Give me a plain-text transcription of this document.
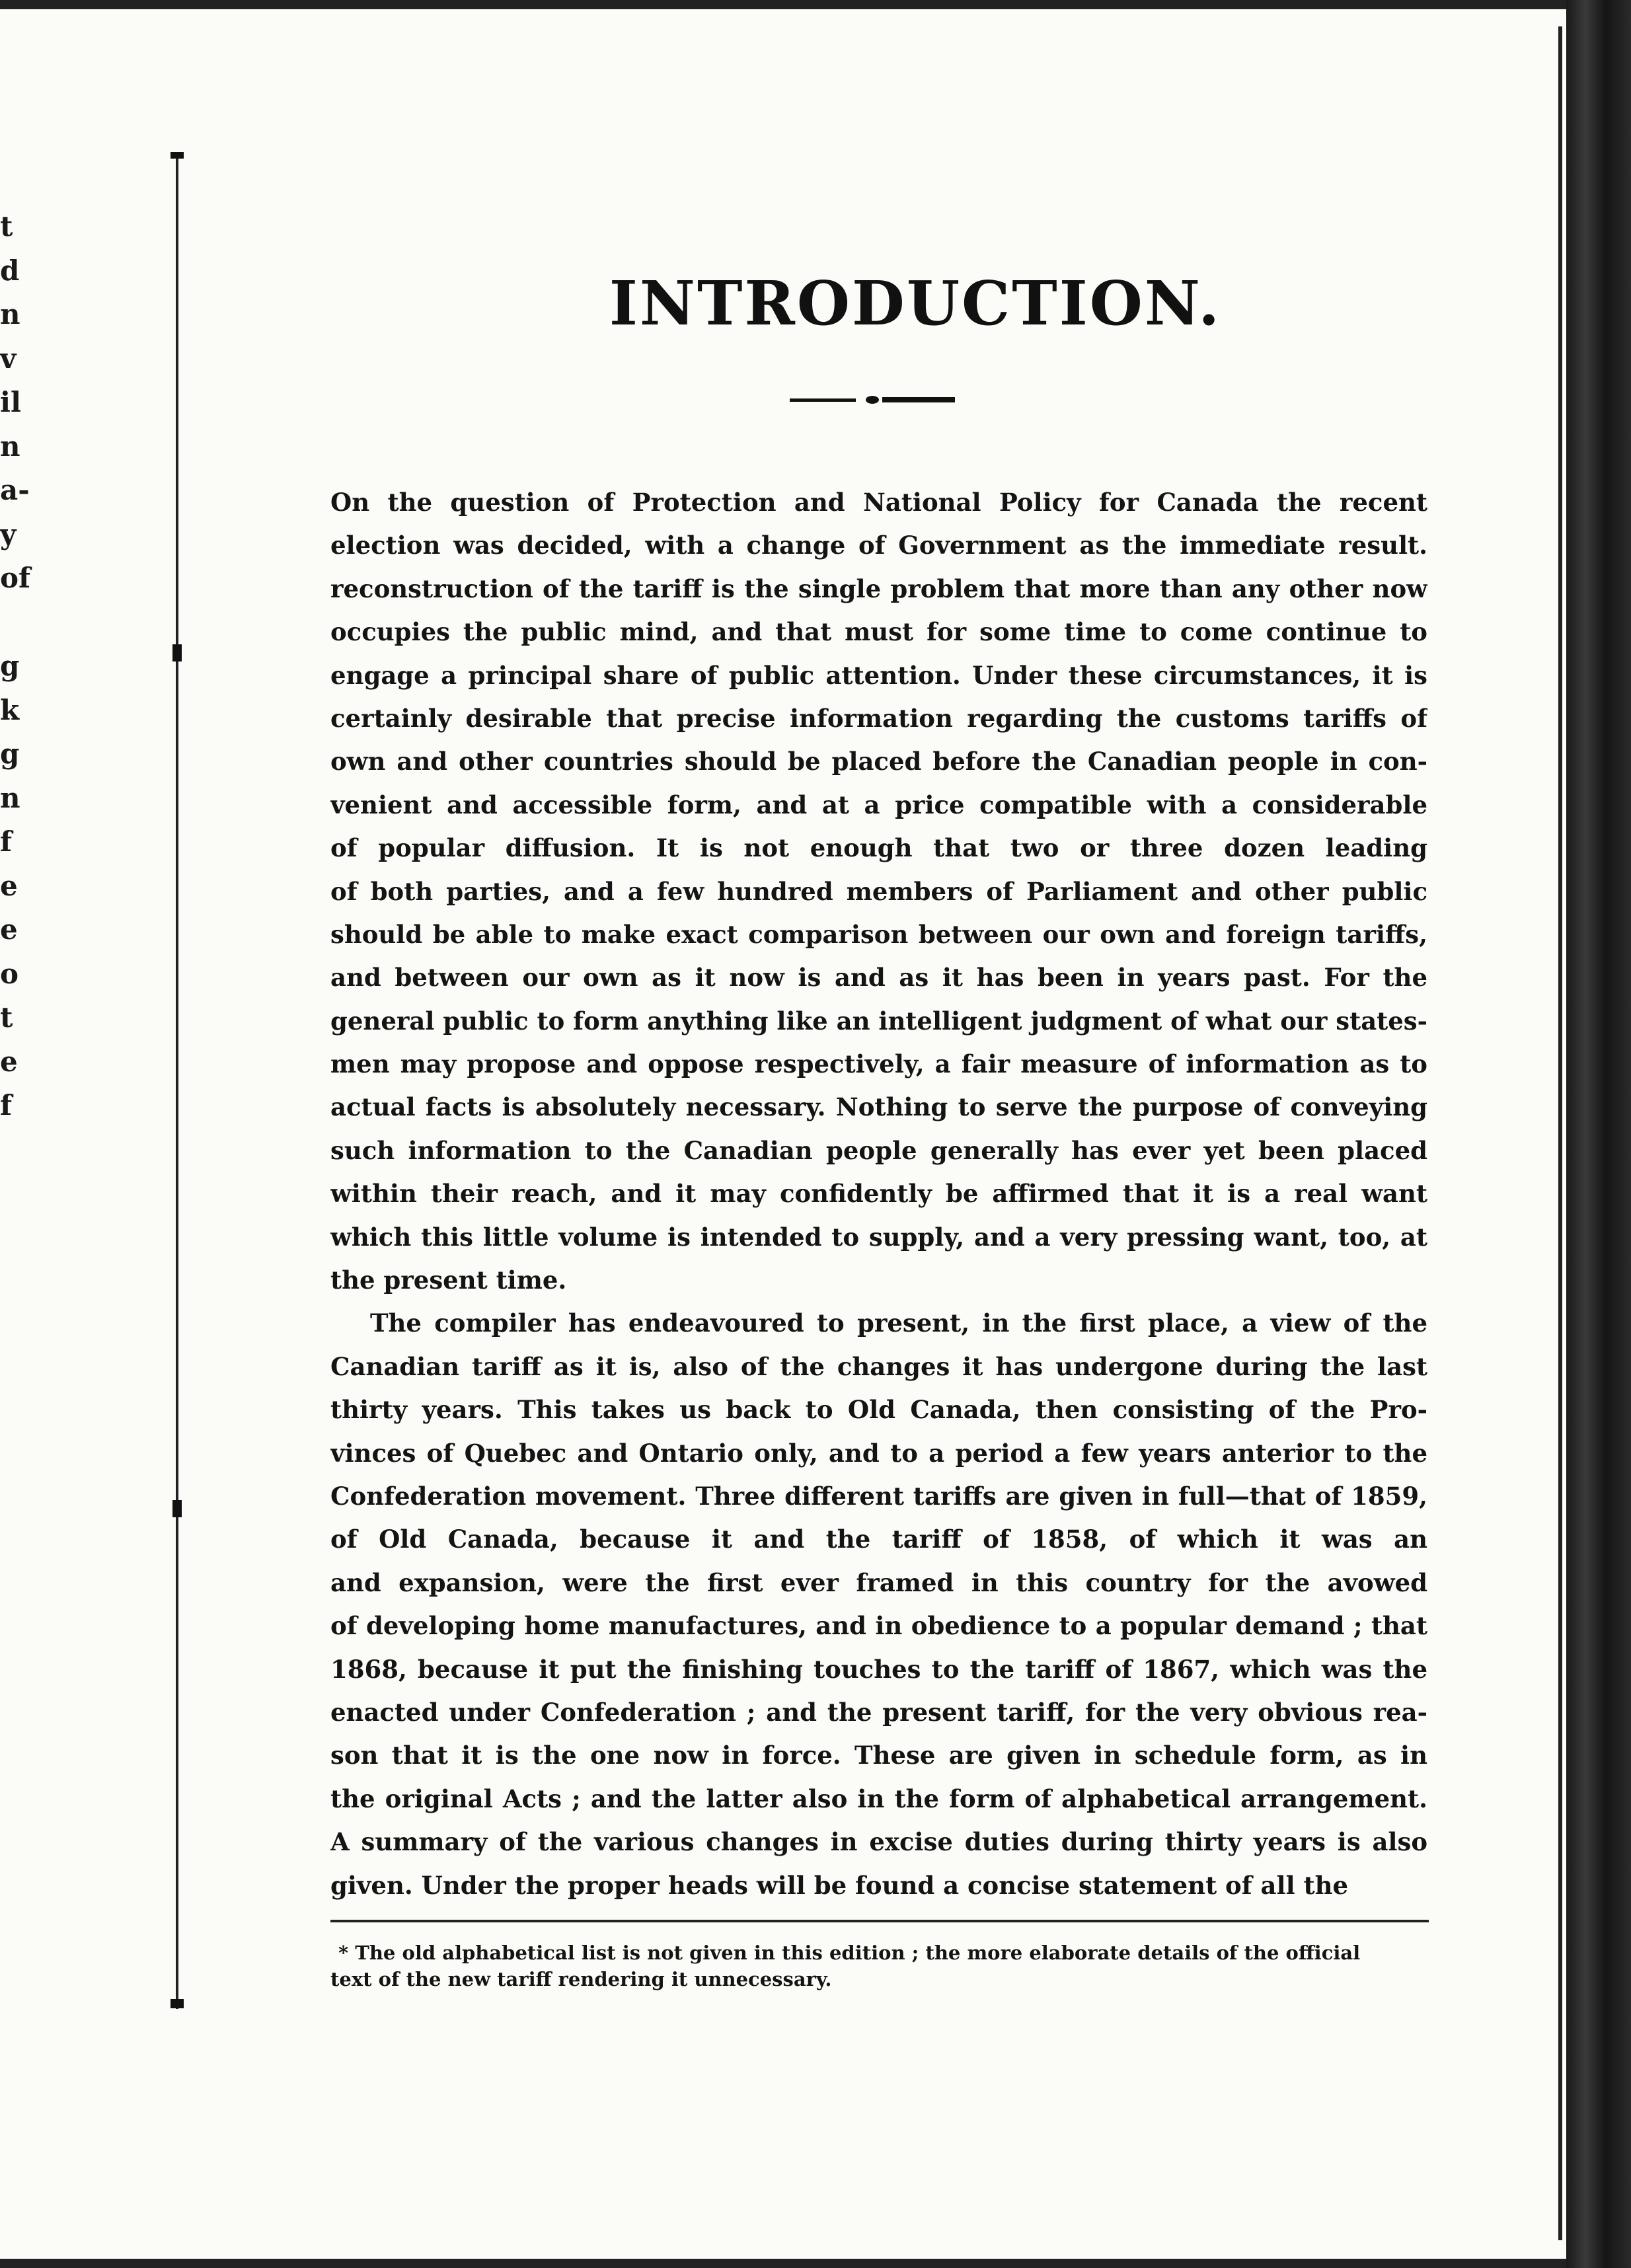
t
d
n
v
il
n
a-
y
of
g
k
g
n
f
e
e
o
t
e
f
INTRODUCTION.
On the question of Protection and National Policy for Canada the recent
election was decided, with a change of Government as the immediate result.
reconstruction of the tariff is the single problem that more than any other now
occupies the public mind, and that must for some time to come continue to
engage a principal share of public attention. Under these circumstances, it is
certainly desirable that precise information regarding the customs tariffs of
own and other countries should be placed before the Canadian people in con-
venient and accessible form, and at a price compatible with a considerable
of popular diffusion. It is not enough that two or three dozen leading
of both parties, and a few hundred members of Parliament and other public
should be able to make exact comparison between our own and foreign tariffs,
and between our own as it now is and as it has been in years past. For the
general public to form anything like an intelligent judgment of what our states-
men may propose and oppose respectively, a fair measure of information as to
actual facts is absolutely necessary. Nothing to serve the purpose of conveying
such information to the Canadian people generally has ever yet been placed
within their reach, and it may confidently be affirmed that it is a real want
which this little volume is intended to supply, and a very pressing want, too, at
the present time.
The compiler has endeavoured to present, in the first place, a view of the
Canadian tariff as it is, also of the changes it has undergone during the last
thirty years. This takes us back to Old Canada, then consisting of the Pro-
vinces of Quebec and Ontario only, and to a period a few years anterior to the
Confederation movement. Three different tariffs are given in full—that of 1859,
of Old Canada, because it and the tariff of 1858, of which it was an
and expansion, were the first ever framed in this country for the avowed
of developing home manufactures, and in obedience to a popular demand ; that
1868, because it put the finishing touches to the tariff of 1867, which was the
enacted under Confederation ; and the present tariff, for the very obvious rea-
son that it is the one now in force. These are given in schedule form, as in
the original Acts ; and the latter also in the form of alphabetical arrangement.
A summary of the various changes in excise duties during thirty years is also
given. Under the proper heads will be found a concise statement of all the
* The old alphabetical list is not given in this edition ; the more elaborate details of the official
text of the new tariff rendering it unnecessary.
